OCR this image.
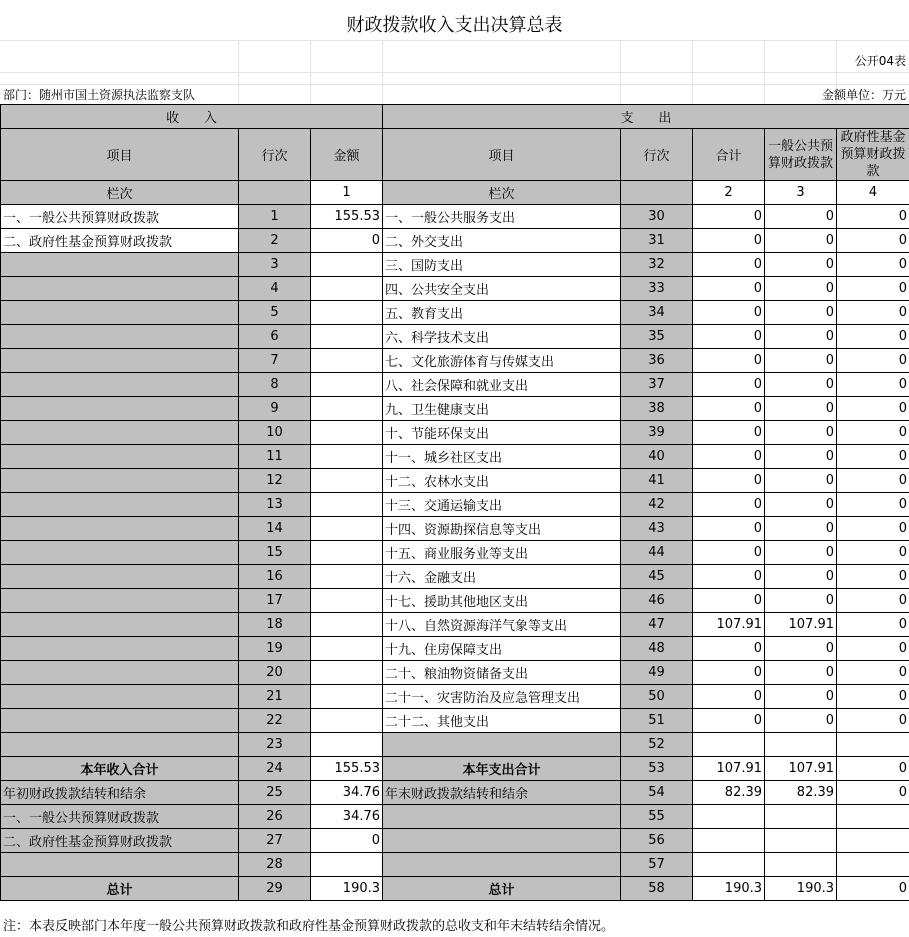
财政拨款收入支出决算总表
公开04表
部门：随州市国土资源执法监察支队	金额单位：万元
收      入			支      出				
项目	行次	金额	项目	行次	合计	一般公共预算财政拨款	政府性基金预算财政拨款
栏次		1	栏次		2	3	4
一、一般公共预算财政拨款	1	155.53	一、一般公共服务支出	30	0	0	0
二、政府性基金预算财政拨款	2	0	二、外交支出	31	0	0	0
	3		三、国防支出	32	0	0	0
	4		四、公共安全支出	33	0	0	0
	5		五、教育支出	34	0	0	0
	6		六、科学技术支出	35	0	0	0
	7		七、文化旅游体育与传媒支出	36	0	0	0
	8		八、社会保障和就业支出	37	0	0	0
	9		九、卫生健康支出	38	0	0	0
	10		十、节能环保支出	39	0	0	0
	11		十一、城乡社区支出	40	0	0	0
	12		十二、农林水支出	41	0	0	0
	13		十三、交通运输支出	42	0	0	0
	14		十四、资源勘探信息等支出	43	0	0	0
	15		十五、商业服务业等支出	44	0	0	0
	16		十六、金融支出	45	0	0	0
	17		十七、援助其他地区支出	46	0	0	0
	18		十八、自然资源海洋气象等支出	47	107.91	107.91	0
	19		十九、住房保障支出	48	0	0	0
	20		二十、粮油物资储备支出	49	0	0	0
	21		二十一、灾害防治及应急管理支出	50	0	0	0
	22		二十二、其他支出	51	0	0	0
	23			52			
本年收入合计	24	155.53	本年支出合计	53	107.91	107.91	0
年初财政拨款结转和结余	25	34.76	年末财政拨款结转和结余	54	82.39	82.39	0
一、一般公共预算财政拨款	26	34.76		55			
二、政府性基金预算财政拨款	27	0		56			
	28			57			
总计	29	190.3	总计	58	190.3	190.3	0
注：本表反映部门本年度一般公共预算财政拨款和政府性基金预算财政拨款的总收支和年末结转结余情况。
